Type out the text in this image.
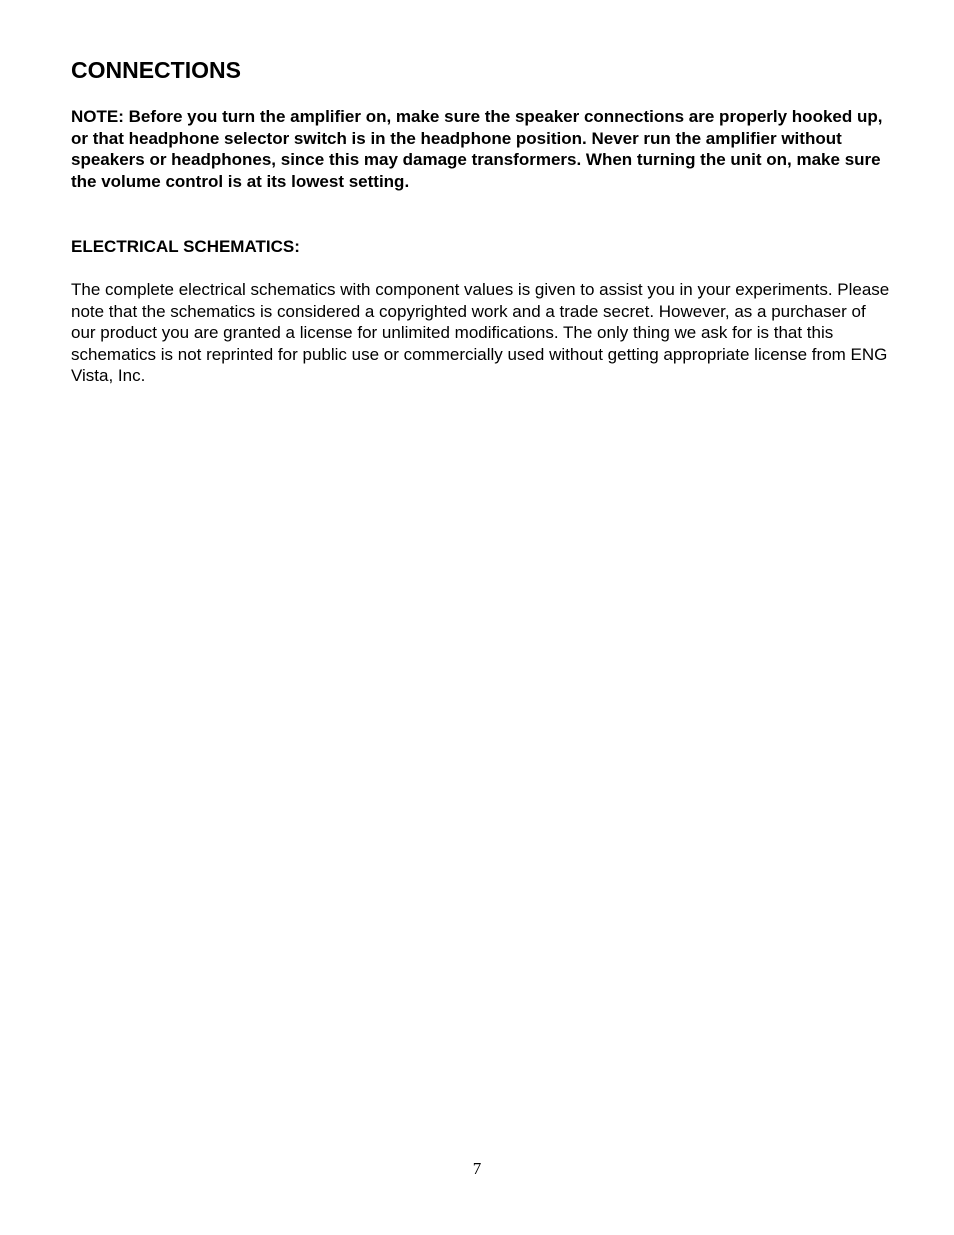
CONNECTIONS

NOTE: Before you turn the amplifier on, make sure the speaker connections are properly hooked up, or that headphone selector switch is in the headphone position. Never run the amplifier without speakers or headphones, since this may damage transformers. When turning the unit on, make sure the volume control is at its lowest setting.

ELECTRICAL SCHEMATICS:

The complete electrical schematics with component values is given to assist you in your experiments. Please note that the schematics is considered a copyrighted work and a trade secret. However, as a purchaser of our product you are granted a license for unlimited modifications. The only thing we ask for is that this schematics is not reprinted for public use or commercially used without getting appropriate license from ENG Vista, Inc.

7
